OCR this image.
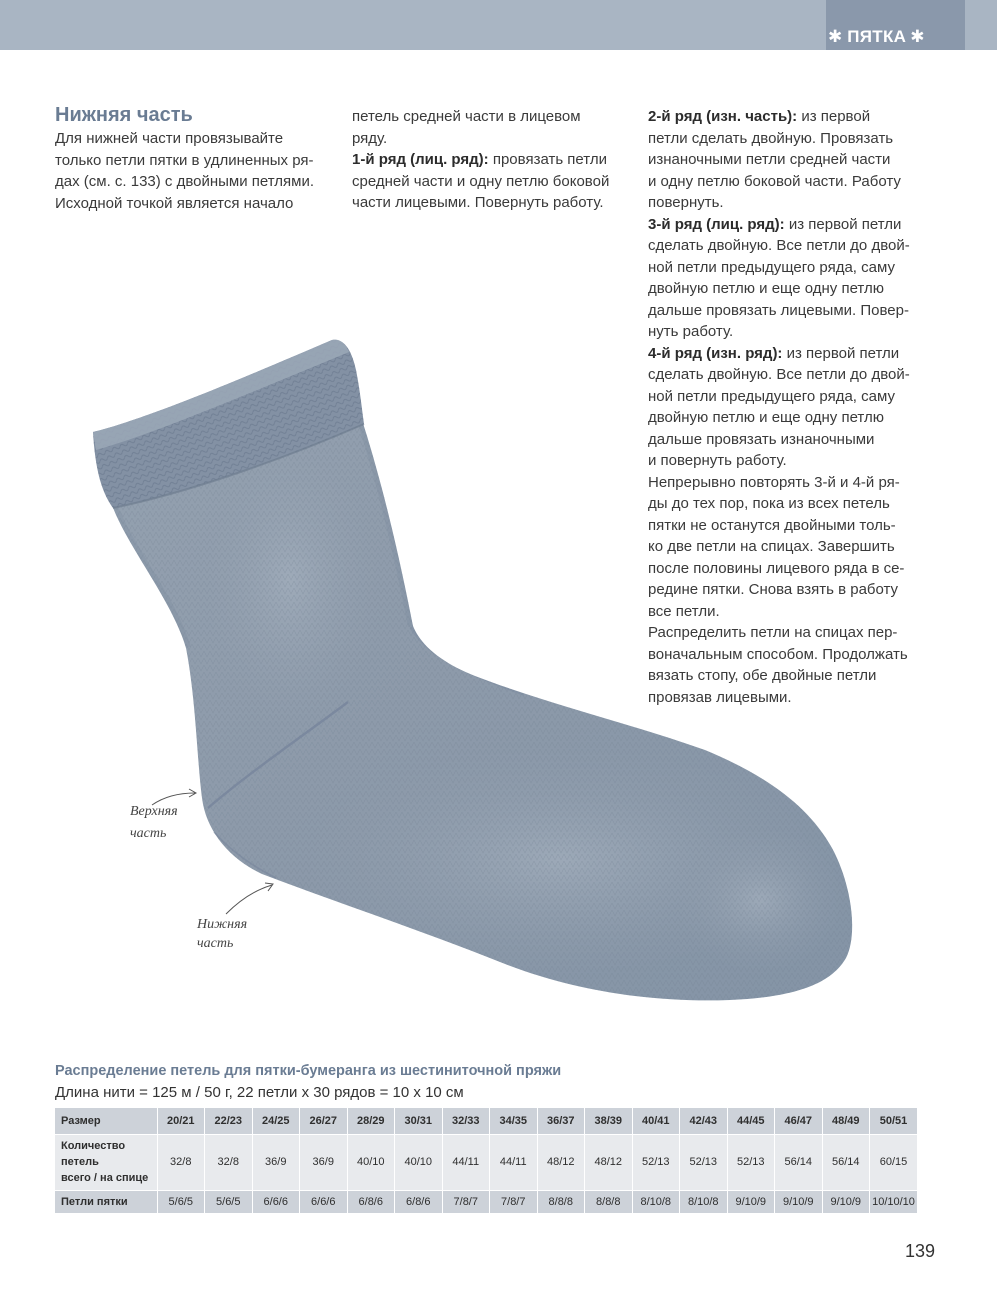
✱ ПЯТКА ✱
Нижняя часть

Для нижней части провязывайте
только петли пятки в удлиненных ря-
дах (см. с. 133) с двойными петлями.
Исходной точкой является начало

петель средней части в лицевом
ряду.

1-й ряд (лиц. ряд): провязать петли
средней части и одну петлю боковой
части лицевыми. Повернуть работу.

2-й ряд (изн. часть): из первой
петли сделать двойную. Провязать
изнаночными петли средней части
и одну петлю боковой части. Работу
повернуть.

3-й ряд (лиц. ряд): из первой петли
сделать двойную. Все петли до двой-
ной петли предыдущего ряда, саму
двойную петлю и еще одну петлю
дальше провязать лицевыми. Повер-
нуть работу.

4-й ряд (изн. ряд): из первой петли
сделать двойную. Все петли до двой-
ной петли предыдущего ряда, саму
двойную петлю и еще одну петлю
дальше провязать изнаночными
и повернуть работу.

Непрерывно повторять 3-й и 4-й ря-
ды до тех пор, пока из всех петель
пятки не останутся двойными толь-
ко две петли на спицах. Завершить
после половины лицевого ряда в се-
редине пятки. Снова взять в работу
все петли.

Распределить петли на спицах пер-
воначальным способом. Продолжать
вязать стопу, обе двойные петли
провязав лицевыми.

Верхняя
часть

Нижняя
часть

Распределение петель для пятки-бумеранга из шестиниточной пряжи

Длина нити = 125 м / 50 г, 22 петли х 30 рядов = 10 х 10 см

Размер	20/21	22/23	24/25	26/27	28/29	30/31	32/33	34/35	36/37	38/39	40/41	42/43	44/45	46/47	48/49	50/51
Количество
петель
всего / на спице	32/8	32/8	36/9	36/9	40/10	40/10	44/11	44/11	48/12	48/12	52/13	52/13	52/13	56/14	56/14	60/15
Петли пятки	5/6/5	5/6/5	6/6/6	6/6/6	6/8/6	6/8/6	7/8/7	7/8/7	8/8/8	8/8/8	8/10/8	8/10/8	9/10/9	9/10/9	9/10/9	10/10/10

139
